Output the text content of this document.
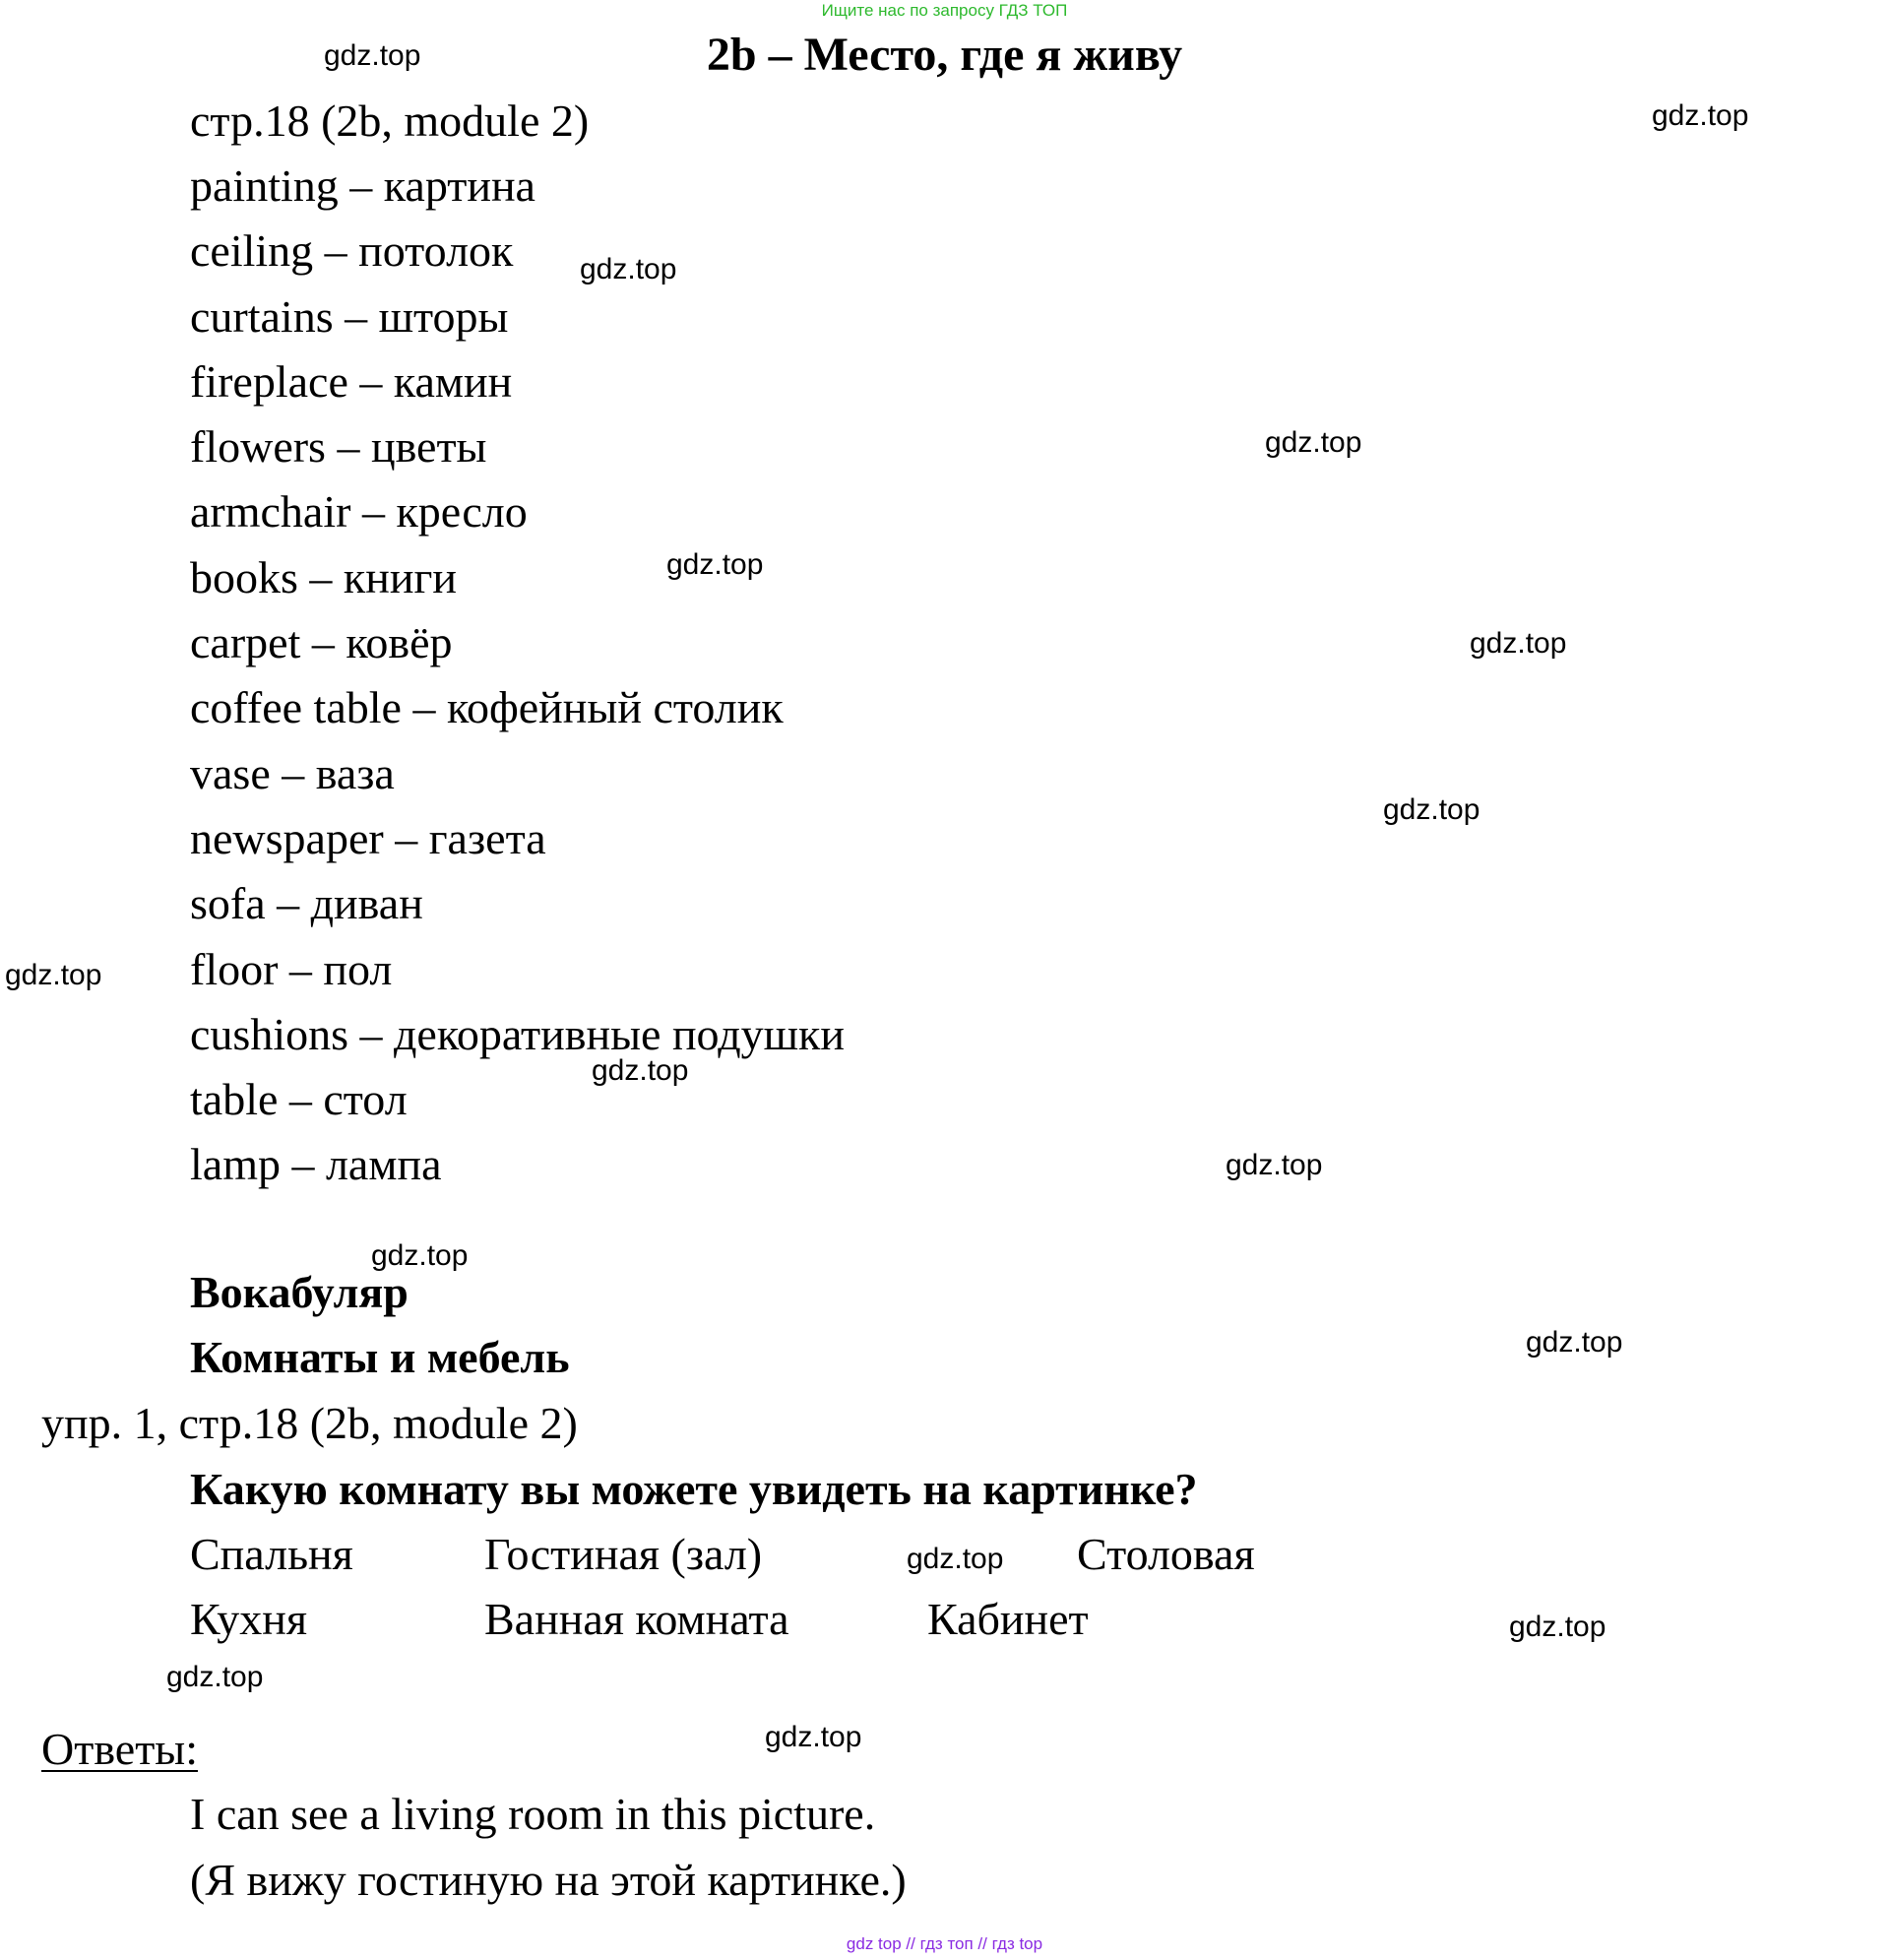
Ищите нас по запросу ГДЗ ТОП
2b – Место, где я живу
стр.18 (2b, module 2)
painting – картина
ceiling – потолок
curtains – шторы
fireplace – камин
flowers – цветы
armchair – кресло
books – книги
carpet – ковёр
coffee table – кофейный столик
vase – ваза
newspaper – газета
sofa – диван
floor – пол
cushions – декоративные подушки
table – стол
lamp – лампа
Вокабуляр
Комнаты и мебель
упр. 1, стр.18 (2b, module 2)
Какую комнату вы можете увидеть на картинке?
Спальня	Гостиная (зал)	Столовая
Кухня	Ванная комната	Кабинет
Ответы:
I can see a living room in this picture.
(Я вижу гостиную на этой картинке.)
gdz.top
gdz.top
gdz.top
gdz.top
gdz.top
gdz.top
gdz.top
gdz.top
gdz.top
gdz.top
gdz.top
gdz.top
gdz.top
gdz.top
gdz.top
gdz.top
gdz top // гдз топ // гдз top
